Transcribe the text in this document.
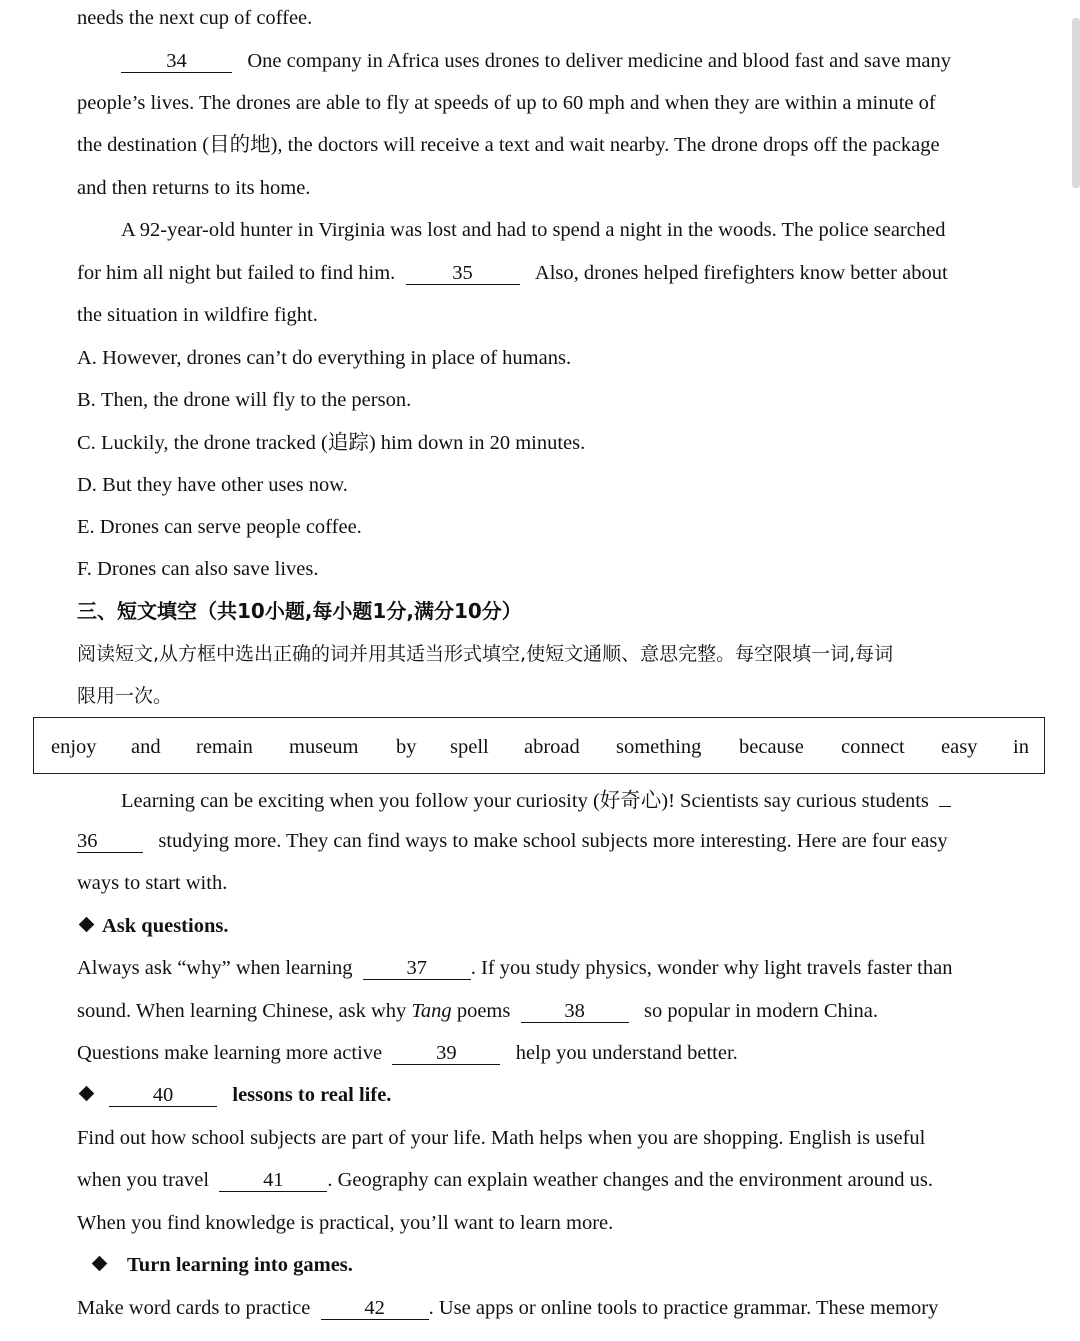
needs the next cup of coffee.
34	One company in Africa uses drones to deliver medicine and blood fast and save many
people’s lives. The drones are able to fly at speeds of up to 60 mph and when they are within a minute of
the destination (目的地), the doctors will receive a text and wait nearby. The drone drops off the package
and then returns to its home.
A 92-year-old hunter in Virginia was lost and had to spend a night in the woods. The police searched
for him all night but failed to find him.	35	Also, drones helped firefighters know better about
the situation in wildfire fight.
A. However, drones can’t do everything in place of humans.
B. Then, the drone will fly to the person.
C. Luckily, the drone tracked (追踪) him down in 20 minutes.
D. But they have other uses now.
E. Drones can serve people coffee.
F. Drones can also save lives.
三、短文填空（共10小题,每小题1分,满分10分）
阅读短文,从方框中选出正确的词并用其适当形式填空,使短文通顺、意思完整。每空限填一词,每词
限用一次。
enjoy and remain museum by spell abroad something because connect easy in
Learning can be exciting when you follow your curiosity (好奇心)! Scientists say curious students
36	studying more. They can find ways to make school subjects more interesting. Here are four easy
ways to start with.
Ask questions.
Always ask “why” when learning	37 . If you study physics, wonder why light travels faster than
sound. When learning Chinese, ask why Tang poems	38	so popular in modern China.
Questions make learning more active	39	help you understand better.
40	lessons to real life.
Find out how school subjects are part of your life. Math helps when you are shopping. English is useful
when you travel	41 . Geography can explain weather changes and the environment around us.
When you find knowledge is practical, you’ll want to learn more.
Turn learning into games.
Make word cards to practice	42 . Use apps or online tools to practice grammar. These memory
